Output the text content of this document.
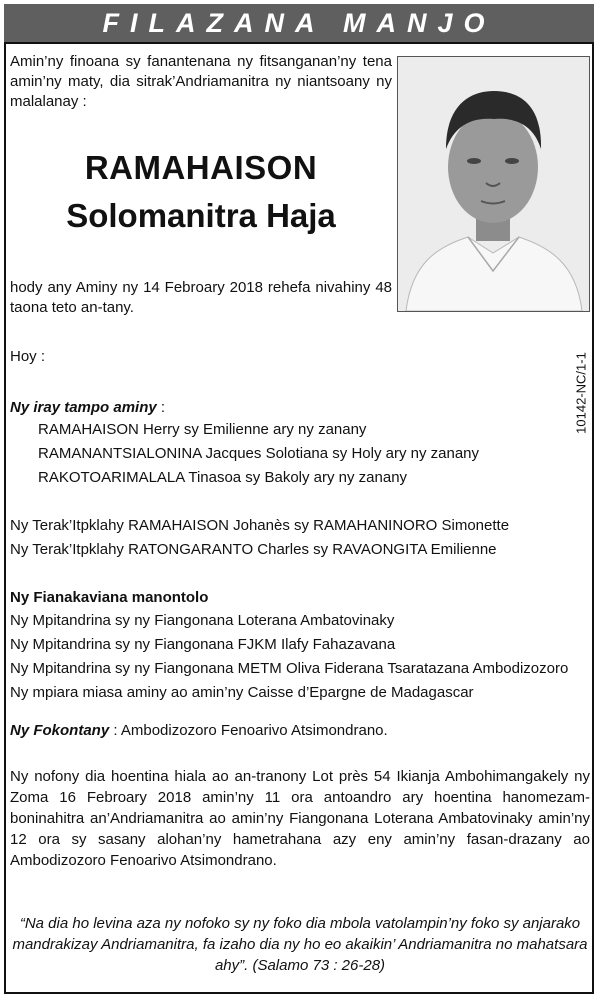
FILAZANA MANJO
Amin’ny finoana sy fanantenana ny fitsanganan’ny tena amin’ny maty, dia sitrak’Andriamanitra ny niantsoany ny malalanay :
RAMAHAISON
Solomanitra Haja
hody any Aminy ny 14 Febroary 2018 rehefa nivahiny 48 taona teto an-tany.
10142-NC/1-1
Hoy :
Ny iray tampo aminy :
RAMAHAISON Herry sy Emilienne ary ny zanany
RAMANANTSIALONINA Jacques Solotiana sy Holy ary ny zanany
RAKOTOARIMALALA Tinasoa sy Bakoly ary ny zanany
Ny Terak’Itpklahy RAMAHAISON Johanès sy RAMAHANINORO Simonette
Ny Terak’Itpklahy RATONGARANTO Charles sy RAVAONGITA Emilienne
Ny Fianakaviana manontolo
Ny Mpitandrina sy ny Fiangonana Loterana Ambatovinaky
Ny Mpitandrina sy ny Fiangonana FJKM Ilafy Fahazavana
Ny Mpitandrina sy ny Fiangonana METM Oliva Fiderana Tsaratazana Ambodizozoro
Ny mpiara miasa aminy ao amin’ny Caisse d’Epargne de Madagascar
Ny Fokontany : Ambodizozoro Fenoarivo Atsimondrano.
Ny nofony dia hoentina hiala ao an-tranony Lot près 54 Ikianja Ambohimangakely ny Zoma 16 Febroary 2018 amin’ny 11 ora antoandro ary hoentina hanomezam-boninahitra an’Andriamanitra ao amin’ny Fiangonana Loterana Ambatovinaky amin’ny 12 ora sy sasany alohan’ny hametrahana azy eny amin’ny fasan-drazany ao Ambodizozoro Fenoarivo Atsimondrano.
“Na dia ho levina aza ny nofoko sy ny foko dia mbola vatolampin’ny foko sy anjarako mandrakizay Andriamanitra, fa izaho dia ny ho eo akaikin’ Andriamanitra no mahatsara ahy”. (Salamo 73 : 26-28)
